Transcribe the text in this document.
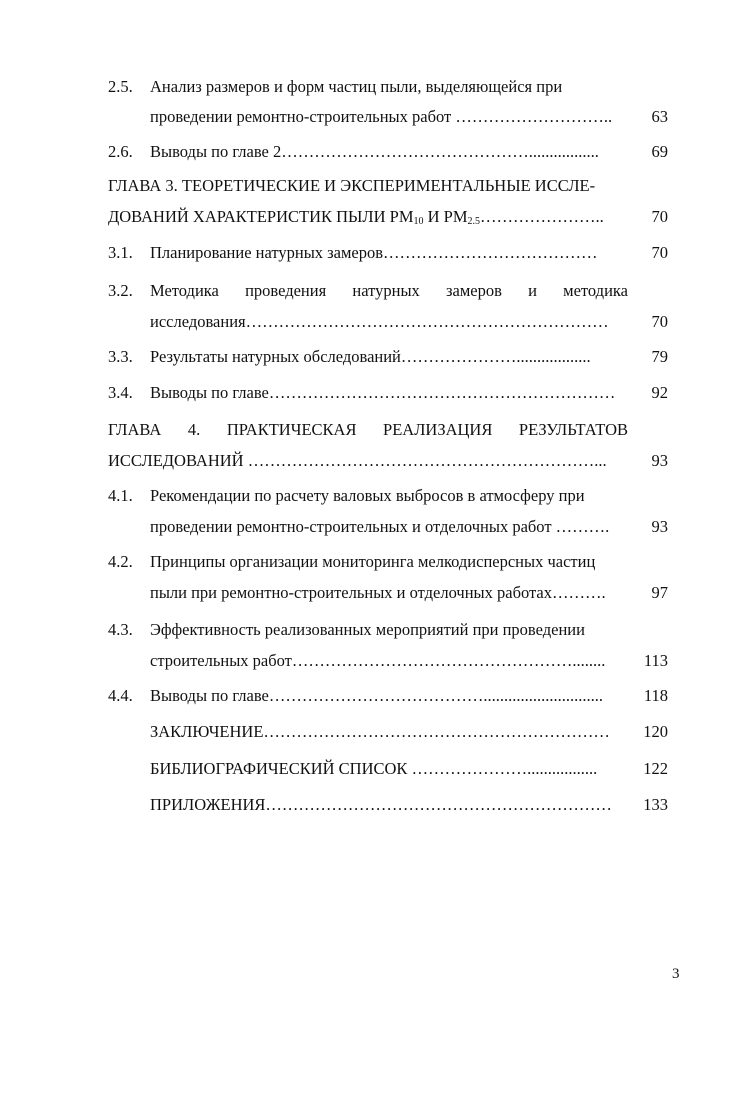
2.5. Анализ размеров и форм частиц пыли, выделяющейся при
проведении ремонтно-строительных работ ………………………..	63
2.6. Выводы по главе 2……………………………………….................	69
ГЛАВА 3. ТЕОРЕТИЧЕСКИЕ И ЭКСПЕРИМЕНТАЛЬНЫЕ ИССЛЕ-
ДОВАНИЙ ХАРАКТЕРИСТИК ПЫЛИ $PM_{10}$ И $PM_{2.5}\dots\dots\dots\dots\dots\dots\dots$..	70
3.1. Планирование натурных замеров…………………………………	70
3.2. Методика проведения натурных замеров и методика
исследования…………………………………………………………	70
3.3. Результаты натурных обследований…………………..................	79
3.4. Выводы по главе………………………………………………………	92
ГЛАВА 4. ПРАКТИЧЕСКАЯ РЕАЛИЗАЦИЯ РЕЗУЛЬТАТОВ
ИССЛЕДОВАНИЙ ………………………………………………………...	93
4.1. Рекомендации по расчету валовых выбросов в атмосферу при
проведении ремонтно-строительных и отделочных работ ……….	93
4.2. Принципы организации мониторинга мелкодисперсных частиц
пыли при ремонтно-строительных и отделочных работах……….	97
4.3. Эффективность реализованных мероприятий при проведении
строительных работ……………………………………………........	113
4.4. Выводы по главе………………………………….............................	118
ЗАКЛЮЧЕНИЕ………………………………………………………	120
БИБЛИОГРАФИЧЕСКИЙ СПИСОК ………………….................	122
ПРИЛОЖЕНИЯ………………………………………………………	133
3
